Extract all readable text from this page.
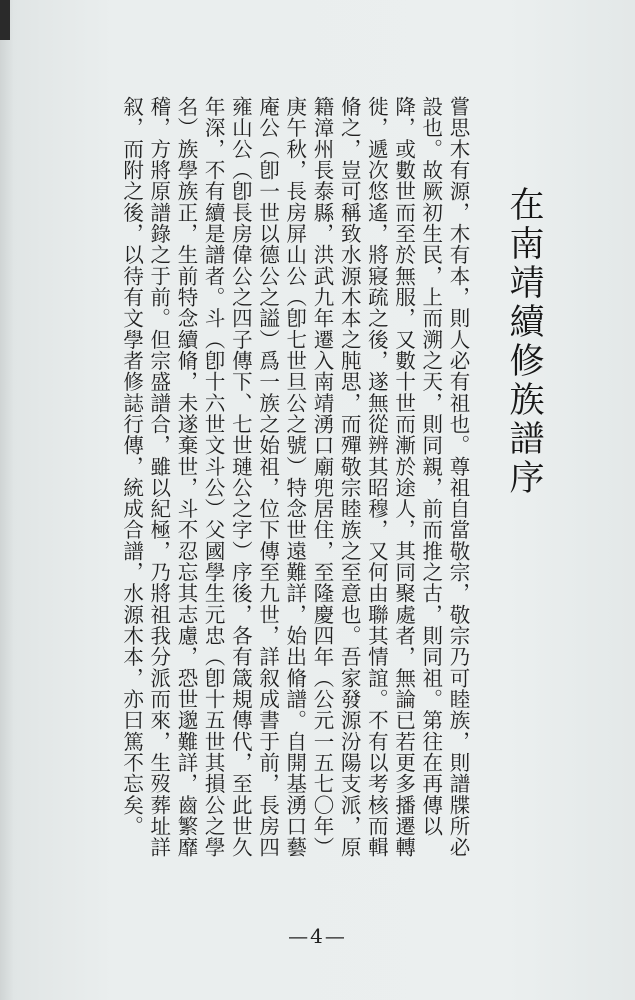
在南靖續修族譜序

嘗思木有源，木有本，則人必有祖也。尊祖自當敬宗，敬宗乃可睦族，則譜牒所必設也。故厥初生民，上而溯之天，則同親，前而推之古，則同祖。第往在再傳以降，或數世而至於無服，又數十世而漸於途人，其同聚處者，無論已若更多播遷轉徙，遞次悠遙，將寢疏之後，遂無從辨其昭穆，又何由聯其情誼。不有以考核而輯脩之，豈可稱致水源木本之肫思，而殫敬宗睦族之至意也。吾家發源汾陽支派，原籍漳州長泰縣，洪武九年遷入南靖湧口廟兜居住，至隆慶四年（公元一五七〇年）庚午秋，長房屏山公（卽七世旦公之號）特念世遠難詳，始出脩譜。自開基湧口藝庵公（卽一世以德公之謚）爲一族之始祖，位下傳至九世，詳叙成書于前，長房四雍山公（卽長房偉公之四子傳下、七世璉公之字）序後，各有箴規傳代，至此世久年深，不有續是譜者。斗（卽十六世文斗公）父國學生元忠（卽十五世其損公之學名）族學族正，生前特念續脩，未遂棄世，斗不忍忘其志慮，恐世邈難詳，齒繁靡稽，方將原譜錄之于前。但宗盛譜合，雖以紀極，乃將祖我分派而來，生歿葬址詳叙，而附之後，以待有文學者修誌行傳，統成合譜，水源木本，亦曰篤不忘矣。

—4—
